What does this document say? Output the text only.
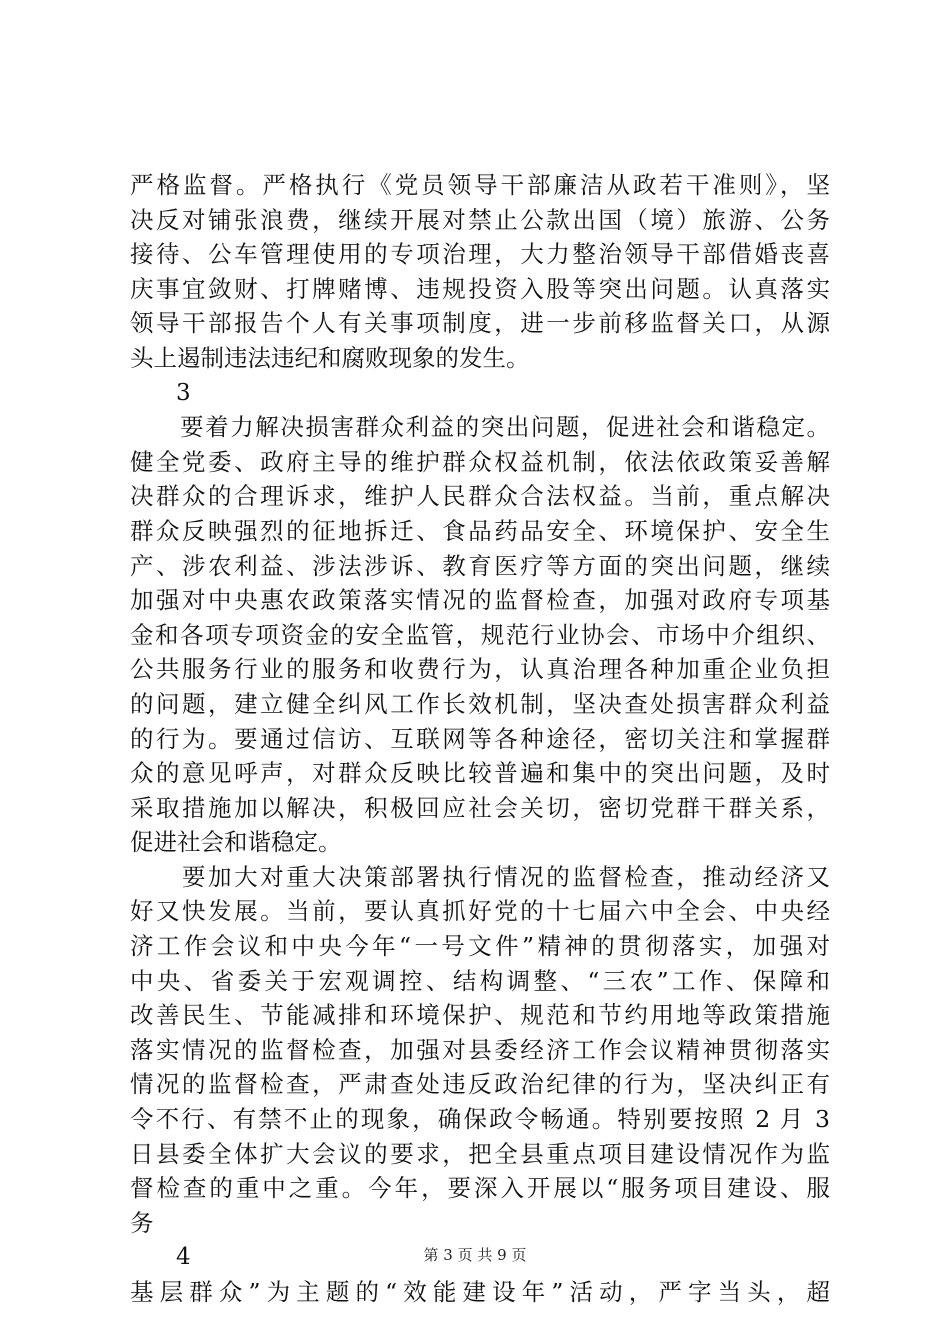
严格监督。严格执行《党员领导干部廉洁从政若干准则》，坚
决反对铺张浪费，继续开展对禁止公款出国（境）旅游、公务
接待、公车管理使用的专项治理，大力整治领导干部借婚丧喜
庆事宜敛财、打牌赌博、违规投资入股等突出问题。认真落实
领导干部报告个人有关事项制度，进一步前移监督关口，从源
头上遏制违法违纪和腐败现象的发生。
3
　　要着力解决损害群众利益的突出问题，促进社会和谐稳定。
健全党委、政府主导的维护群众权益机制，依法依政策妥善解
决群众的合理诉求，维护人民群众合法权益。当前，重点解决
群众反映强烈的征地拆迁、食品药品安全、环境保护、安全生
产、涉农利益、涉法涉诉、教育医疗等方面的突出问题，继续
加强对中央惠农政策落实情况的监督检查，加强对政府专项基
金和各项专项资金的安全监管，规范行业协会、市场中介组织、
公共服务行业的服务和收费行为，认真治理各种加重企业负担
的问题，建立健全纠风工作长效机制，坚决查处损害群众利益
的行为。要通过信访、互联网等各种途径，密切关注和掌握群
众的意见呼声，对群众反映比较普遍和集中的突出问题，及时
采取措施加以解决，积极回应社会关切，密切党群干群关系，
促进社会和谐稳定。
　　要加大对重大决策部署执行情况的监督检查，推动经济又
好又快发展。当前，要认真抓好党的十七届六中全会、中央经
济工作会议和中央今年“一号文件”精神的贯彻落实，加强对
中央、省委关于宏观调控、结构调整、“三农”工作、保障和
改善民生、节能减排和环境保护、规范和节约用地等政策措施
落实情况的监督检查，加强对县委经济工作会议精神贯彻落实
情况的监督检查，严肃查处违反政治纪律的行为，坚决纠正有
令不行、有禁不止的现象，确保政令畅通。特别要按照 2 月 3
日县委全体扩大会议的要求，把全县重点项目建设情况作为监
督检查的重中之重。今年，要深入开展以“服务项目建设、服
务
4
基层群众”为主题的“效能建设年”活动，严字当头，超
第 3 页 共 9 页
